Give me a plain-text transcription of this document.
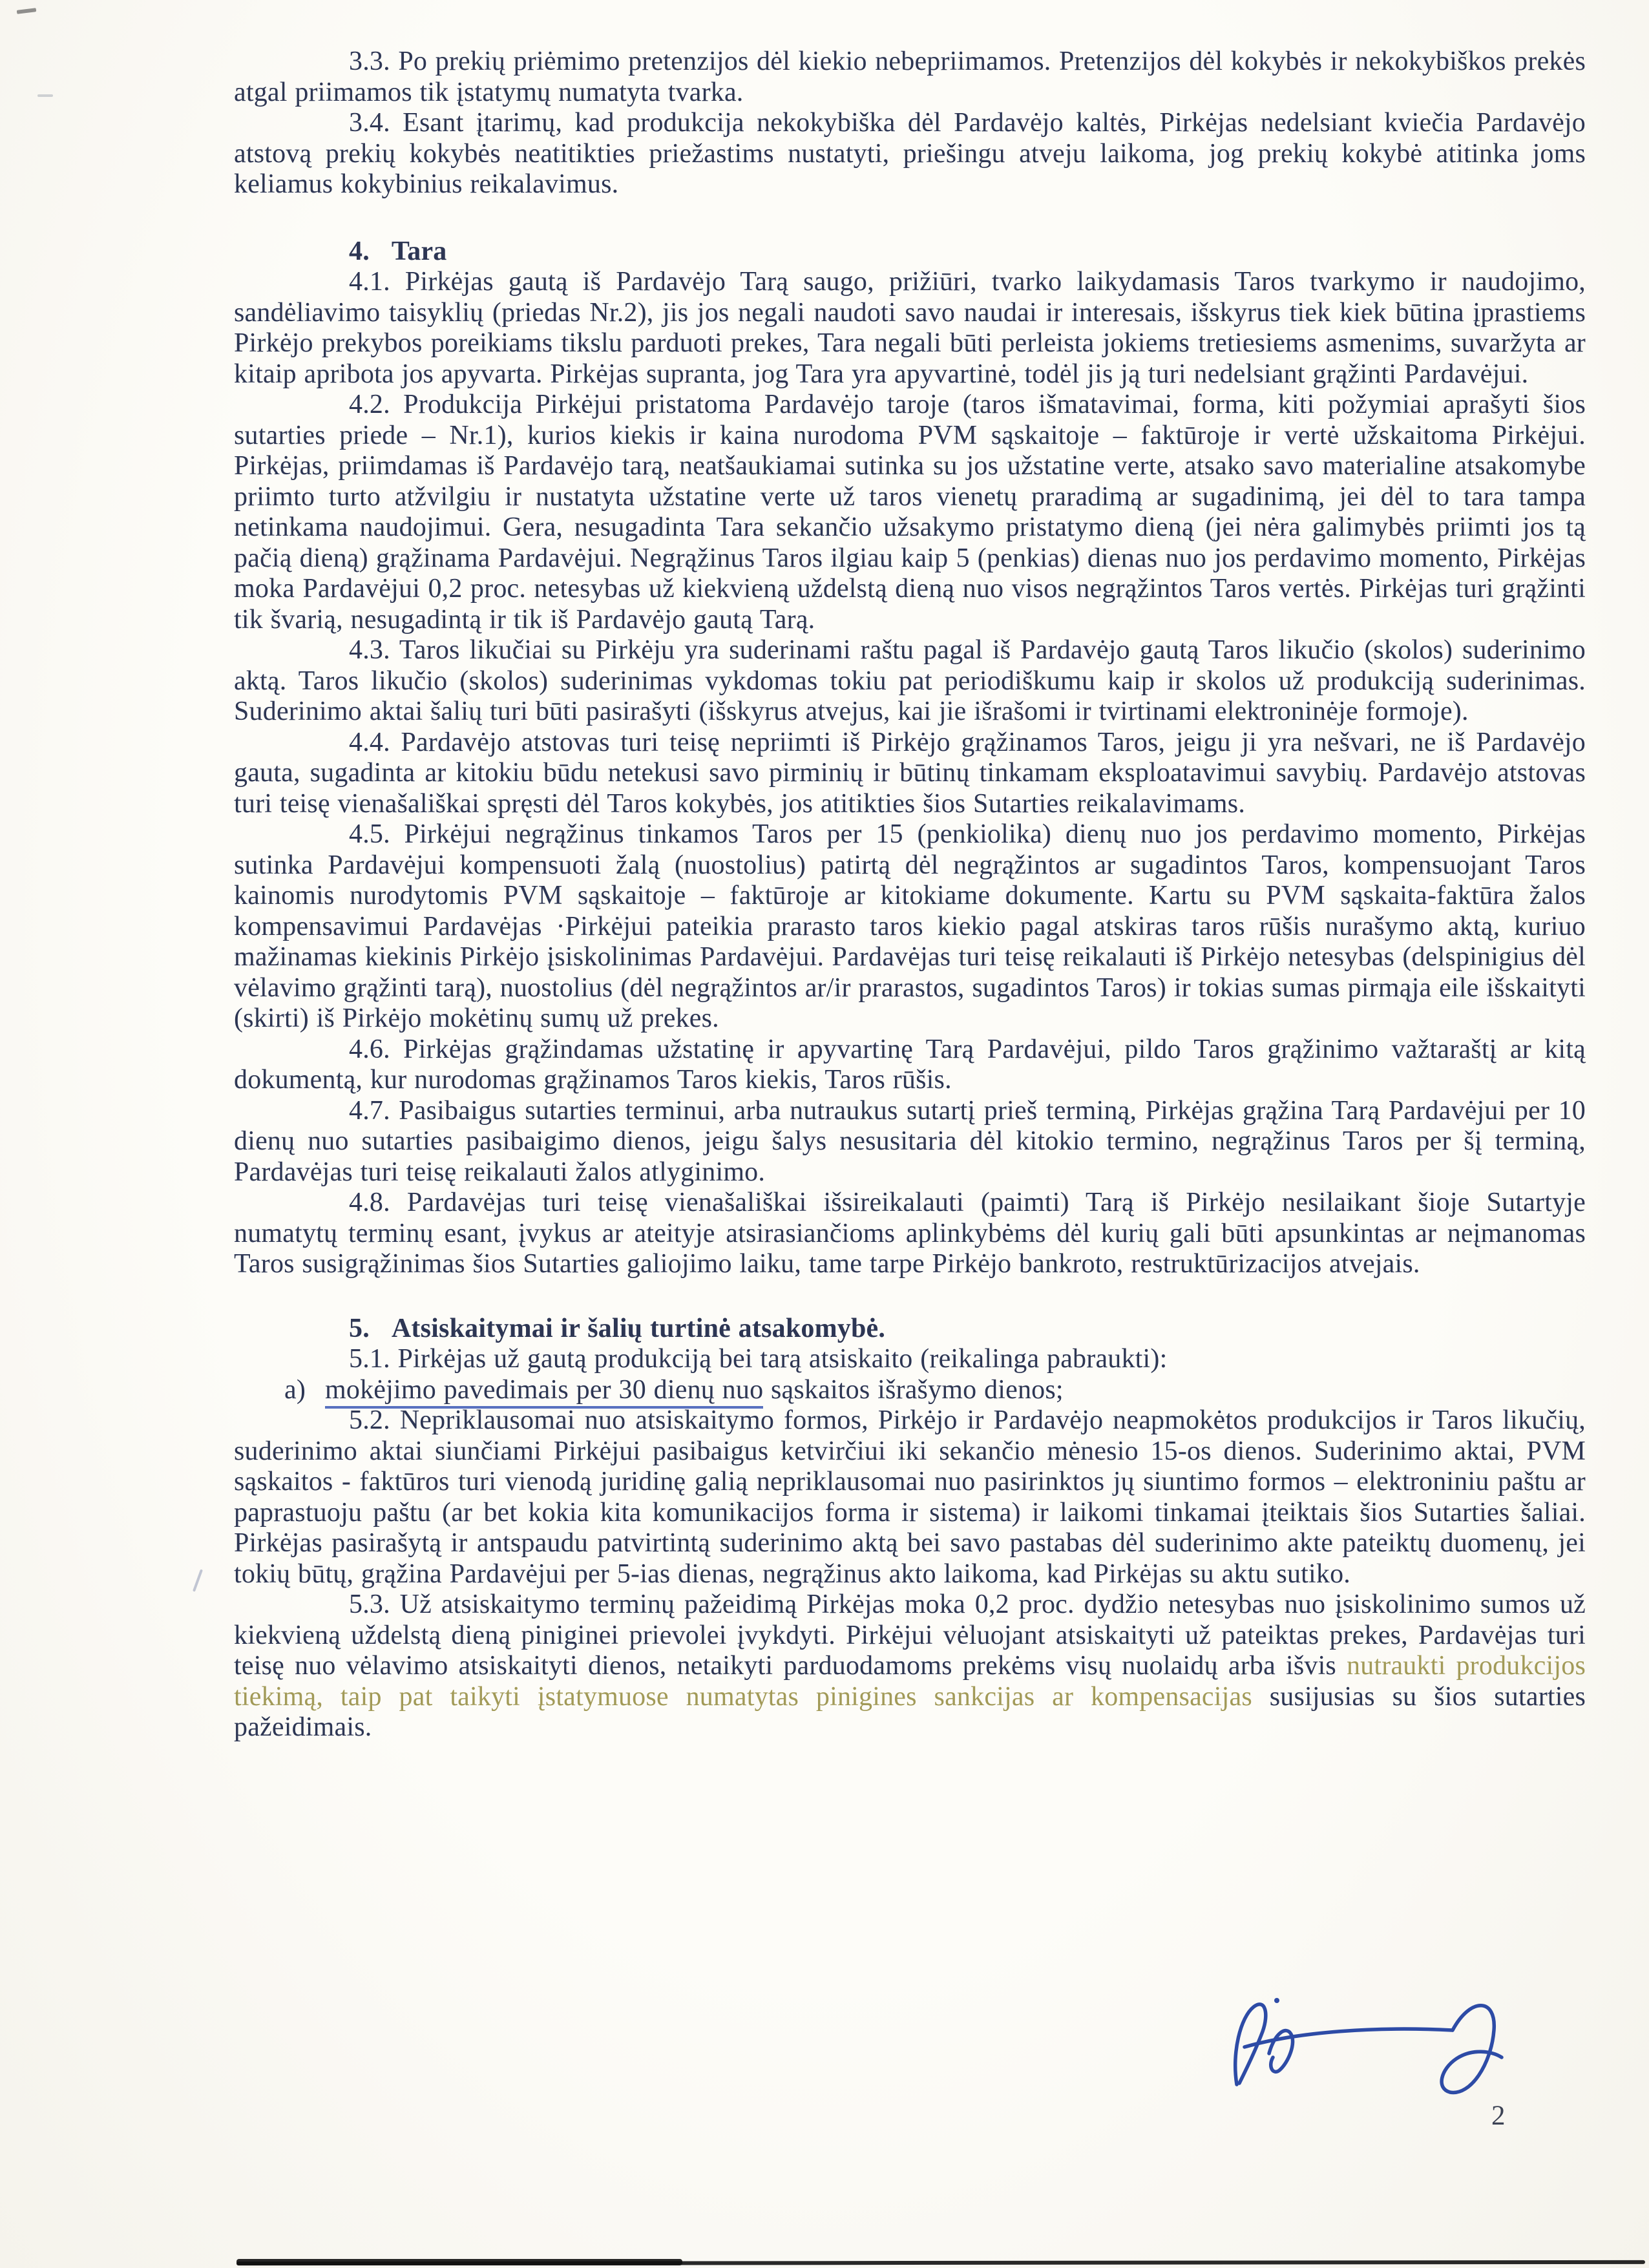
3.3. Po prekių priėmimo pretenzijos dėl kiekio nebepriimamos. Pretenzijos dėl kokybės ir nekokybiškos prekės atgal priimamos tik įstatymų numatyta tvarka.

3.4. Esant įtarimų, kad produkcija nekokybiška dėl Pardavėjo kaltės, Pirkėjas nedelsiant kviečia Pardavėjo atstovą prekių kokybės neatitikties priežastims nustatyti, priešingu atveju laikoma, jog prekių kokybė atitinka joms keliamus kokybinius reikalavimus.

4. Tara

4.1. Pirkėjas gautą iš Pardavėjo Tarą saugo, prižiūri, tvarko laikydamasis Taros tvarkymo ir naudojimo, sandėliavimo taisyklių (priedas Nr.2), jis jos negali naudoti savo naudai ir interesais, išskyrus tiek kiek būtina įprastiems Pirkėjo prekybos poreikiams tikslu parduoti prekes, Tara negali būti perleista jokiems tretiesiems asmenims, suvaržyta ar kitaip apribota jos apyvarta. Pirkėjas supranta, jog Tara yra apyvartinė, todėl jis ją turi nedelsiant grąžinti Pardavėjui.

4.2. Produkcija Pirkėjui pristatoma Pardavėjo taroje (taros išmatavimai, forma, kiti požymiai aprašyti šios sutarties priede – Nr.1), kurios kiekis ir kaina nurodoma PVM sąskaitoje – faktūroje ir vertė užskaitoma Pirkėjui. Pirkėjas, priimdamas iš Pardavėjo tarą, neatšaukiamai sutinka su jos užstatine verte, atsako savo materialine atsakomybe priimto turto atžvilgiu ir nustatyta užstatine verte už taros vienetų praradimą ar sugadinimą, jei dėl to tara tampa netinkama naudojimui. Gera, nesugadinta Tara sekančio užsakymo pristatymo dieną (jei nėra galimybės priimti jos tą pačią dieną) grąžinama Pardavėjui. Negrąžinus Taros ilgiau kaip 5 (penkias) dienas nuo jos perdavimo momento, Pirkėjas moka Pardavėjui 0,2 proc. netesybas už kiekvieną uždelstą dieną nuo visos negrąžintos Taros vertės. Pirkėjas turi grąžinti tik švarią, nesugadintą ir tik iš Pardavėjo gautą Tarą.

4.3. Taros likučiai su Pirkėju yra suderinami raštu pagal iš Pardavėjo gautą Taros likučio (skolos) suderinimo aktą. Taros likučio (skolos) suderinimas vykdomas tokiu pat periodiškumu kaip ir skolos už produkciją suderinimas. Suderinimo aktai šalių turi būti pasirašyti (išskyrus atvejus, kai jie išrašomi ir tvirtinami elektroninėje formoje).

4.4. Pardavėjo atstovas turi teisę nepriimti iš Pirkėjo grąžinamos Taros, jeigu ji yra nešvari, ne iš Pardavėjo gauta, sugadinta ar kitokiu būdu netekusi savo pirminių ir būtinų tinkamam eksploatavimui savybių. Pardavėjo atstovas turi teisę vienašališkai spręsti dėl Taros kokybės, jos atitikties šios Sutarties reikalavimams.

4.5. Pirkėjui negrąžinus tinkamos Taros per 15 (penkiolika) dienų nuo jos perdavimo momento, Pirkėjas sutinka Pardavėjui kompensuoti žalą (nuostolius) patirtą dėl negrąžintos ar sugadintos Taros, kompensuojant Taros kainomis nurodytomis PVM sąskaitoje – faktūroje ar kitokiame dokumente. Kartu su PVM sąskaita-faktūra žalos kompensavimui Pardavėjas ·Pirkėjui pateikia prarasto taros kiekio pagal atskiras taros rūšis nurašymo aktą, kuriuo mažinamas kiekinis Pirkėjo įsiskolinimas Pardavėjui. Pardavėjas turi teisę reikalauti iš Pirkėjo netesybas (delspinigius dėl vėlavimo grąžinti tarą), nuostolius (dėl negrąžintos ar/ir prarastos, sugadintos Taros) ir tokias sumas pirmąja eile išskaityti (skirti) iš Pirkėjo mokėtinų sumų už prekes.

4.6. Pirkėjas grąžindamas užstatinę ir apyvartinę Tarą Pardavėjui, pildo Taros grąžinimo važtaraštį ar kitą dokumentą, kur nurodomas grąžinamos Taros kiekis, Taros rūšis.

4.7. Pasibaigus sutarties terminui, arba nutraukus sutartį prieš terminą, Pirkėjas grąžina Tarą Pardavėjui per 10 dienų nuo sutarties pasibaigimo dienos, jeigu šalys nesusitaria dėl kitokio termino, negrąžinus Taros per šį terminą, Pardavėjas turi teisę reikalauti žalos atlyginimo.

4.8. Pardavėjas turi teisę vienašališkai išsireikalauti (paimti) Tarą iš Pirkėjo nesilaikant šioje Sutartyje numatytų terminų esant, įvykus ar ateityje atsirasiančioms aplinkybėms dėl kurių gali būti apsunkintas ar neįmanomas Taros susigrąžinimas šios Sutarties galiojimo laiku, tame tarpe Pirkėjo bankroto, restruktūrizacijos atvejais.

5. Atsiskaitymai ir šalių turtinė atsakomybė.

5.1. Pirkėjas už gautą produkciją bei tarą atsiskaito (reikalinga pabraukti):

a) mokėjimo pavedimais per 30 dienų nuo sąskaitos išrašymo dienos;

5.2. Nepriklausomai nuo atsiskaitymo formos, Pirkėjo ir Pardavėjo neapmokėtos produkcijos ir Taros likučių, suderinimo aktai siunčiami Pirkėjui pasibaigus ketvirčiui iki sekančio mėnesio 15-os dienos. Suderinimo aktai, PVM sąskaitos - faktūros turi vienodą juridinę galią nepriklausomai nuo pasirinktos jų siuntimo formos – elektroniniu paštu ar paprastuoju paštu (ar bet kokia kita komunikacijos forma ir sistema) ir laikomi tinkamai įteiktais šios Sutarties šaliai. Pirkėjas pasirašytą ir antspaudu patvirtintą suderinimo aktą bei savo pastabas dėl suderinimo akte pateiktų duomenų, jei tokių būtų, grąžina Pardavėjui per 5-ias dienas, negrąžinus akto laikoma, kad Pirkėjas su aktu sutiko.

5.3. Už atsiskaitymo terminų pažeidimą Pirkėjas moka 0,2 proc. dydžio netesybas nuo įsiskolinimo sumos už kiekvieną uždelstą dieną piniginei prievolei įvykdyti. Pirkėjui vėluojant atsiskaityti už pateiktas prekes, Pardavėjas turi teisę nuo vėlavimo atsiskaityti dienos, netaikyti parduodamoms prekėms visų nuolaidų arba išvis nutraukti produkcijos tiekimą, taip pat taikyti įstatymuose numatytas pinigines sankcijas ar kompensacijas susijusias su šios sutarties pažeidimais.

2
